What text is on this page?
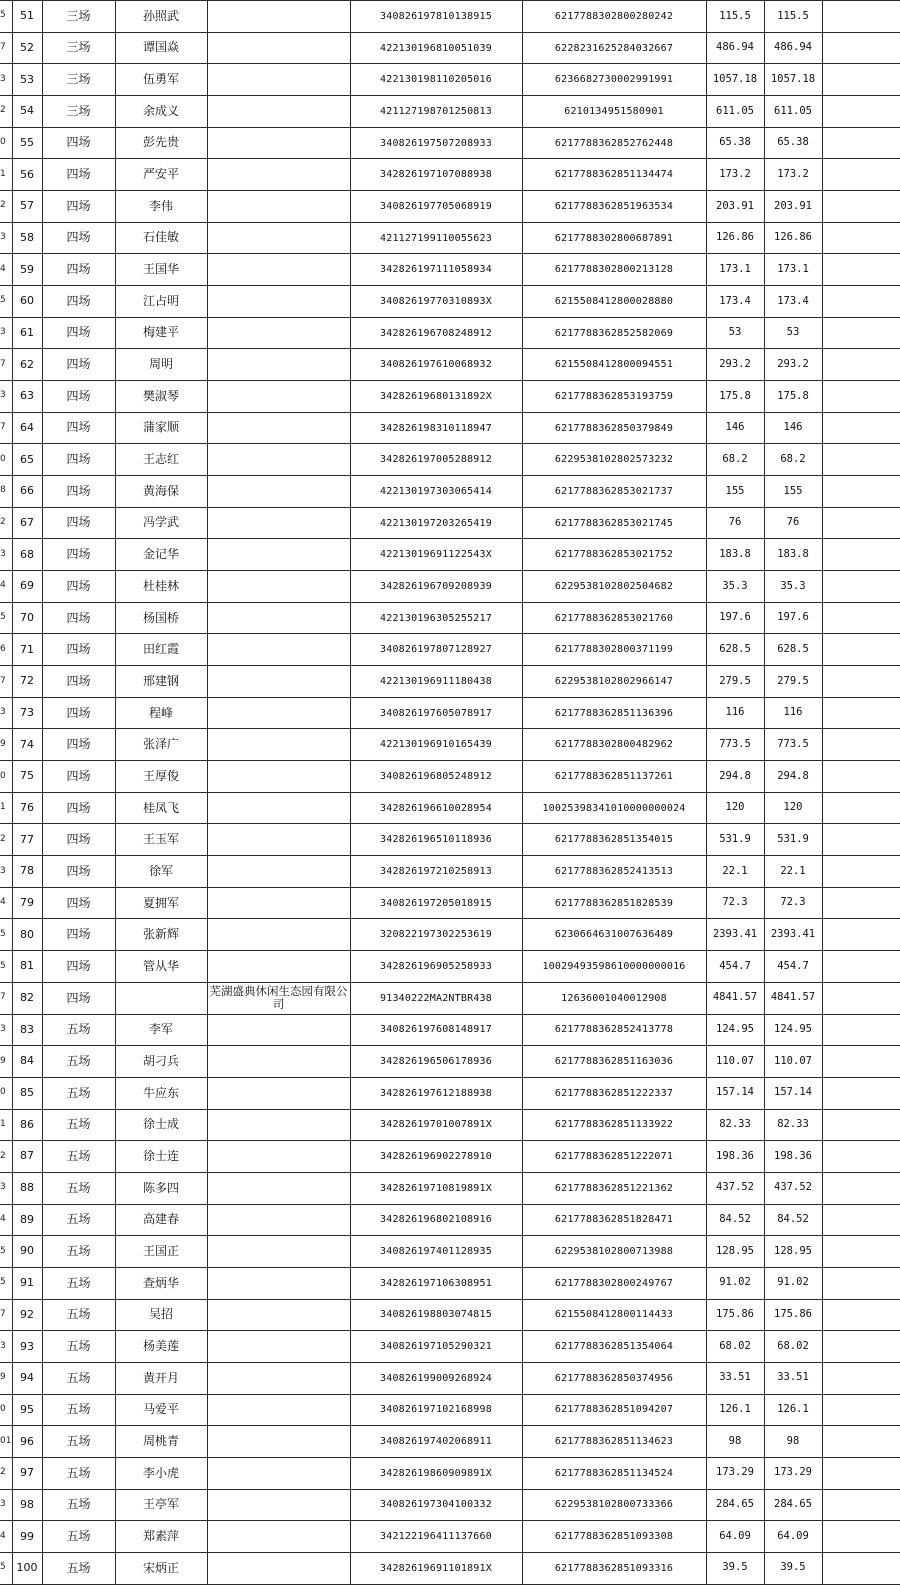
5	51	三场	孙照武		340826197810138915	6217788302800280242	115.5	115.5	
7	52	三场	谭国焱		422130196810051039	6228231625284032667	486.94	486.94	
3	53	三场	伍勇军		422130198110205016	6236682730002991991	1057.18	1057.18	
2	54	三场	余成义		421127198701250813	6210134951580901	611.05	611.05	
0	55	四场	彭先贵		340826197507208933	6217788362852762448	65.38	65.38	
1	56	四场	严安平		342826197107088938	6217788362851134474	173.2	173.2	
2	57	四场	李伟		340826197705068919	6217788362851963534	203.91	203.91	
3	58	四场	石佳敏		421127199110055623	6217788302800687891	126.86	126.86	
4	59	四场	王国华		342826197111058934	6217788302800213128	173.1	173.1	
5	60	四场	江占明		34082619770310893X	6215508412800028880	173.4	173.4	
3	61	四场	梅建平		342826196708248912	6217788362852582069	53	53	
7	62	四场	周明		340826197610068932	6215508412800094551	293.2	293.2	
3	63	四场	樊淑琴		34282619680131892X	6217788362853193759	175.8	175.8	
7	64	四场	蒲家顺		342826198310118947	6217788362850379849	146	146	
0	65	四场	王志红		342826197005288912	6229538102802573232	68.2	68.2	
8	66	四场	黄海保		422130197303065414	6217788362853021737	155	155	
2	67	四场	冯学武		422130197203265419	6217788362853021745	76	76	
3	68	四场	金记华		42213019691122543X	6217788362853021752	183.8	183.8	
4	69	四场	杜桂林		342826196709208939	6229538102802504682	35.3	35.3	
5	70	四场	杨国桥		422130196305255217	6217788362853021760	197.6	197.6	
6	71	四场	田红霞		340826197807128927	6217788302800371199	628.5	628.5	
7	72	四场	邢建钢		422130196911180438	6229538102802966147	279.5	279.5	
3	73	四场	程峰		340826197605078917	6217788362851136396	116	116	
9	74	四场	张泽广		422130196910165439	6217788302800482962	773.5	773.5	
0	75	四场	王厚俊		340826196805248912	6217788362851137261	294.8	294.8	
1	76	四场	桂凤飞		342826196610028954	10025398341010000000024	120	120	
2	77	四场	王玉军		342826196510118936	6217788362851354015	531.9	531.9	
3	78	四场	徐军		342826197210258913	6217788362852413513	22.1	22.1	
4	79	四场	夏拥军		340826197205018915	6217788362851828539	72.3	72.3	
5	80	四场	张新辉		320822197302253619	6230664631007636489	2393.41	2393.41	
5	81	四场	管从华		342826196905258933	10029493598610000000016	454.7	454.7	
7	82	四场		芜湖盛典休闲生态园有限公司	91340222MA2NTBR438	12636001040012908	4841.57	4841.57	
3	83	五场	李军		340826197608148917	6217788362852413778	124.95	124.95	
9	84	五场	胡刁兵		342826196506178936	6217788362851163036	110.07	110.07	
0	85	五场	牛应东		342826197612188938	6217788362851222337	157.14	157.14	
1	86	五场	徐士成		34282619701007891X	6217788362851133922	82.33	82.33	
2	87	五场	徐士连		342826196902278910	6217788362851222071	198.36	198.36	
3	88	五场	陈多四		34282619710819891X	6217788362851221362	437.52	437.52	
4	89	五场	高建春		342826196802108916	6217788362851828471	84.52	84.52	
5	90	五场	王国正		340826197401128935	6229538102800713988	128.95	128.95	
5	91	五场	查炳华		342826197106308951	6217788302800249767	91.02	91.02	
7	92	五场	吴招		340826198803074815	6215508412800114433	175.86	175.86	
3	93	五场	杨美莲		340826197105290321	6217788362851354064	68.02	68.02	
9	94	五场	黄开月		340826199009268924	6217788362850374956	33.51	33.51	
0	95	五场	马爱平		340826197102168998	6217788362851094207	126.1	126.1	
01	96	五场	周桃青		340826197402068911	6217788362851134623	98	98	
2	97	五场	李小虎		34282619860909891X	6217788362851134524	173.29	173.29	
3	98	五场	王亭军		340826197304100332	6229538102800733366	284.65	284.65	
4	99	五场	郑素萍		342122196411137660	6217788362851093308	64.09	64.09	
5	100	五场	宋炳正		34282619691101891X	6217788362851093316	39.5	39.5	
